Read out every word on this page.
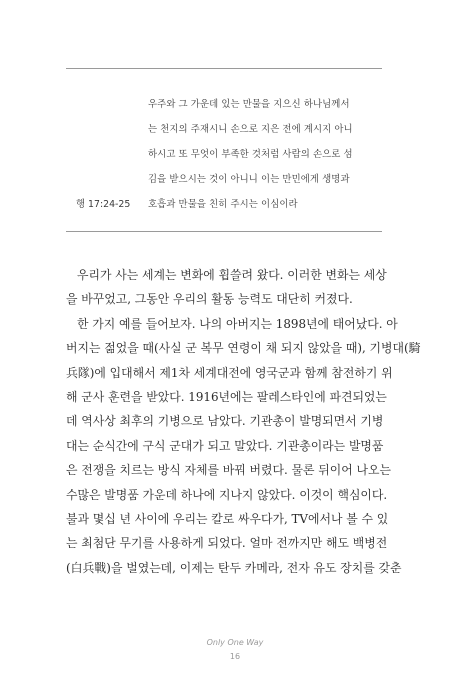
우주와 그 가운데 있는 만물을 지으신 하나님께서
는 천지의 주재시니 손으로 지은 전에 계시지 아니
하시고 또 무엇이 부족한 것처럼 사람의 손으로 섬
김을 받으시는 것이 아니니 이는 만민에게 생명과
호흡과 만물을 친히 주시는 이심이라
행 17:24-25
우리가 사는 세계는 변화에 휩쓸려 왔다. 이러한 변화는 세상
을 바꾸었고, 그동안 우리의 활동 능력도 대단히 커졌다.
한 가지 예를 들어보자. 나의 아버지는 1898년에 태어났다. 아
버지는 젊었을 때(사실 군 복무 연령이 채 되지 않았을 때), 기병대(騎
兵隊)에 입대해서 제1차 세계대전에 영국군과 함께 참전하기 위
해 군사 훈련을 받았다. 1916년에는 팔레스타인에 파견되었는
데 역사상 최후의 기병으로 남았다. 기관총이 발명되면서 기병
대는 순식간에 구식 군대가 되고 말았다. 기관총이라는 발명품
은 전쟁을 치르는 방식 자체를 바꿔 버렸다. 물론 뒤이어 나오는
수많은 발명품 가운데 하나에 지나지 않았다. 이것이 핵심이다.
불과 몇십 년 사이에 우리는 칼로 싸우다가, TV에서나 볼 수 있
는 최첨단 무기를 사용하게 되었다. 얼마 전까지만 해도 백병전
(白兵戰)을 벌였는데, 이제는 탄두 카메라, 전자 유도 장치를 갖춘
Only One Way
16
